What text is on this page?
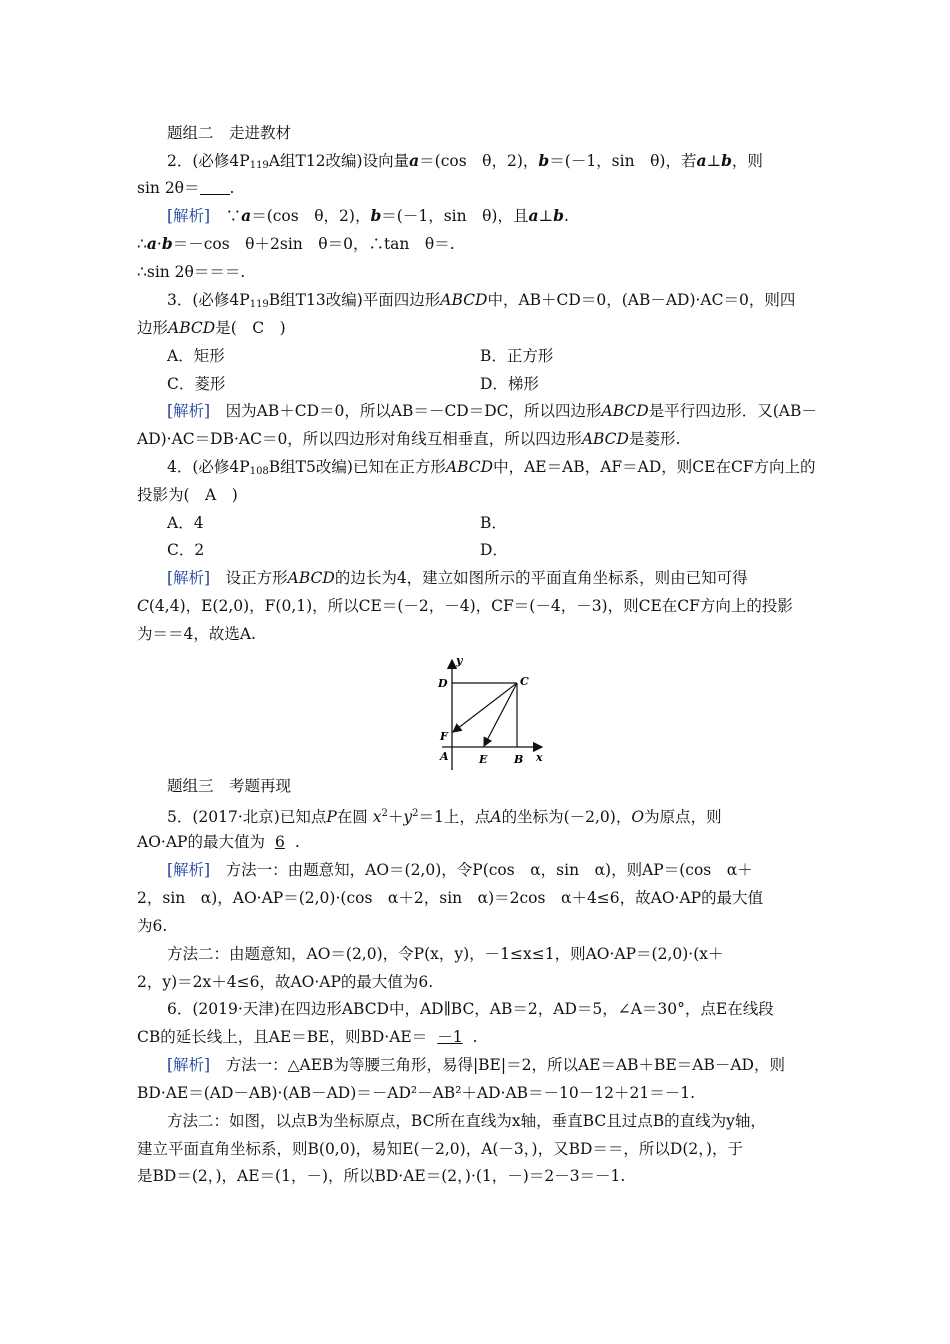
题组二　走进教材
2．(必修$4P_{119}A$组T12改编)设向量a＝(cos　θ，2)，b＝(－1，sin　θ)，若a⊥b，则
sin 2θ＝ .
[解析]　 ∵a＝(cos　θ，2)，b＝(－1，sin　θ)，且a⊥b.
∴a·b＝－cos　θ＋2sin　θ＝0，∴tan　θ＝.
∴sin 2θ＝＝＝.
3．(必修$4P_{119}B$组T13改编)平面四边形ABCD中，AB＋CD＝0，(AB－AD)·AC＝0，则四
边形ABCD是(　C　)
A．矩形	B．正方形
C．菱形	D．梯形
[解析]　 因为AB＋CD＝0，所以AB＝－CD＝DC，所以四边形ABCD是平行四边形．又(AB－
AD)·AC＝DB·AC＝0，所以四边形对角线互相垂直，所以四边形ABCD是菱形.
4．(必修$4P_{108}B$组T5改编)已知在正方形ABCD中，AE＝AB，AF＝AD，则CE在CF方向上的
投影为(　A　)
A．4	B．
C．2	D．
[解析]　 设正方形ABCD的边长为4，建立如图所示的平面直角坐标系，则由已知可得
C(4,4)，E(2,0)，F(0,1)，所以CE＝(－2，－4)，CF＝(－4，－3)，则CE在CF方向上的投影
为＝＝4，故选A.
y
D	C
F
A	E B x
题组三　考题再现
5．(2017·北京)已知点P在圆 $x^2+y^2=1$上，点A的坐标为(－2,0)，O为原点，则
AO·AP的最大值为 6 .
[解析]　 方法一：由题意知，AO＝(2,0)，令P(cos　α，sin　α)，则AP＝(cos　α＋
2，sin　α)，AO·AP＝(2,0)·(cos　α＋2，sin　α)＝2cos　α＋4≤6，故AO·AP的最大值
为6.
方法二：由题意知，AO＝(2,0)，令P(x，y)，－1≤x≤1，则AO·AP＝(2,0)·(x＋
2，y)＝2x＋4≤6，故AO·AP的最大值为6.
6．(2019·天津)在四边形ABCD中，AD∥BC，AB＝2，AD＝5，∠A＝30°，点E在线段
CB的延长线上，且AE＝BE，则BD·AE＝ －1 .
[解析]　 方法一：△AEB为等腰三角形，易得|BE|＝2，所以AE＝AB＋BE＝AB－AD，则
BD·AE＝(AD－AB)·(AB－AD)＝－AD²－AB²＋AD·AB＝－10－12＋21＝－1.
方法二：如图，以点B为坐标原点，BC所在直线为x轴，垂直BC且过点B的直线为y轴，
建立平面直角坐标系，则B(0,0)，易知E(－2,0)，A(－3，)，又BD＝＝，所以D(2，)，于
是BD＝(2，)，AE＝(1，－)，所以BD·AE＝(2，)·(1，－)＝2－3＝－1.
